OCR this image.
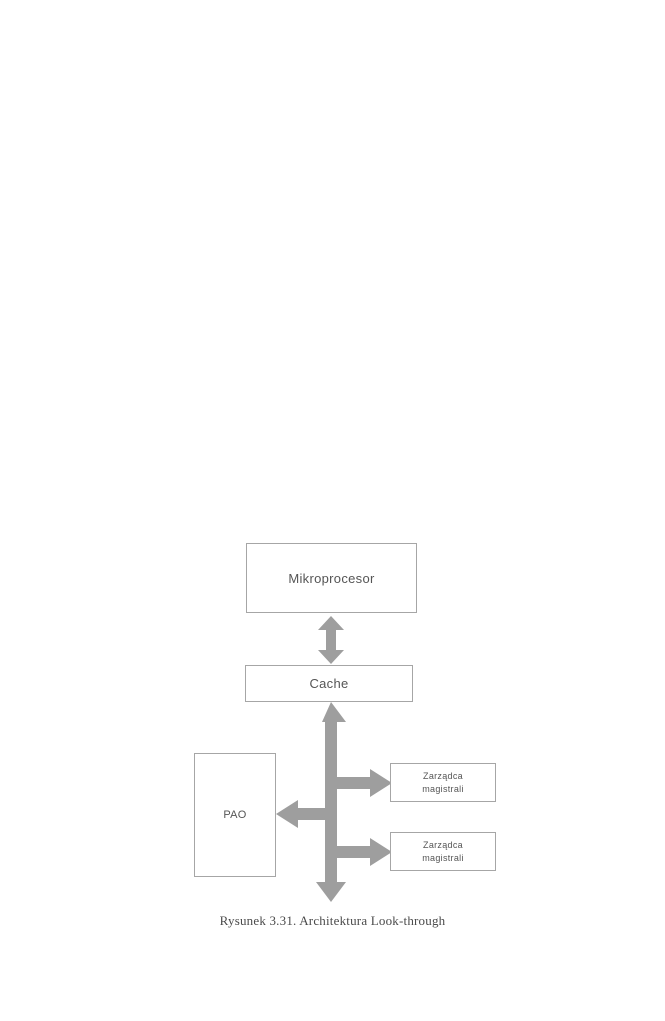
Mikroprocesor
Cache
PAO
Zarządca
magistrali
Zarządca
magistrali
Rysunek 3.31. Architektura Look-through
